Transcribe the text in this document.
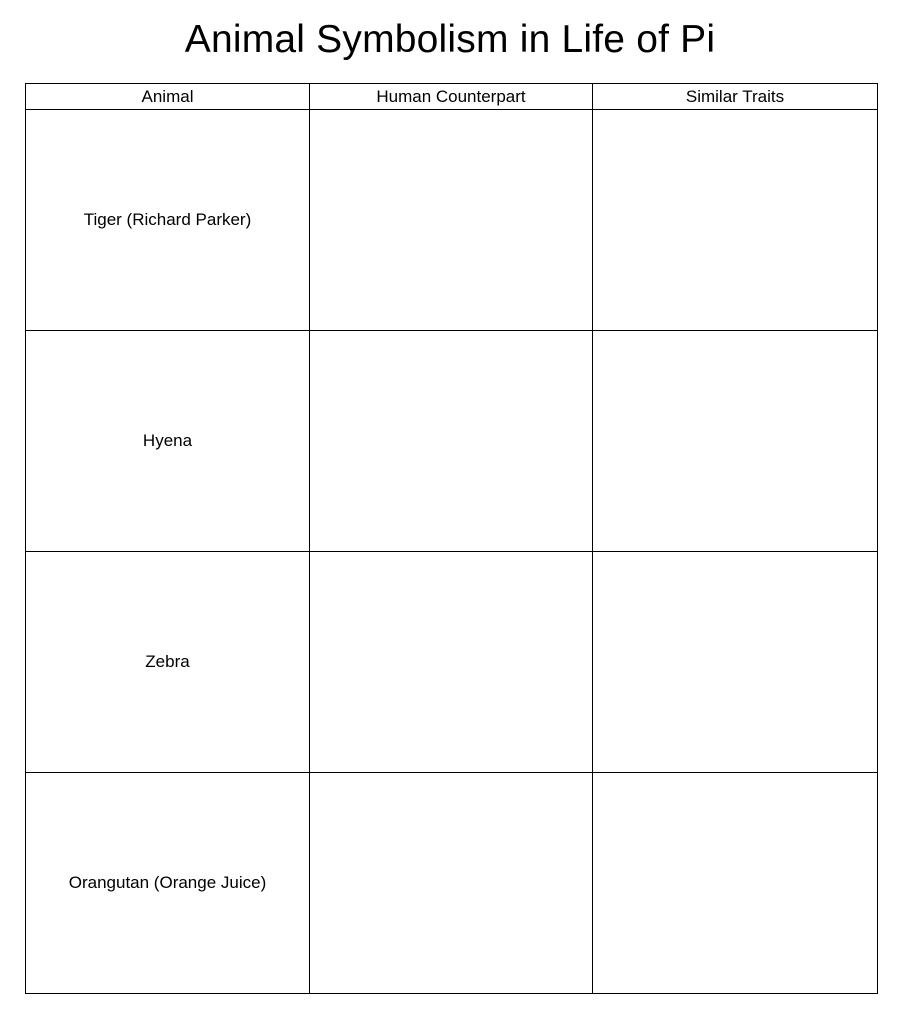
Animal Symbolism in Life of Pi
Animal	Human Counterpart	Similar Traits
Tiger (Richard Parker)		
Hyena		
Zebra		
Orangutan (Orange Juice)		
